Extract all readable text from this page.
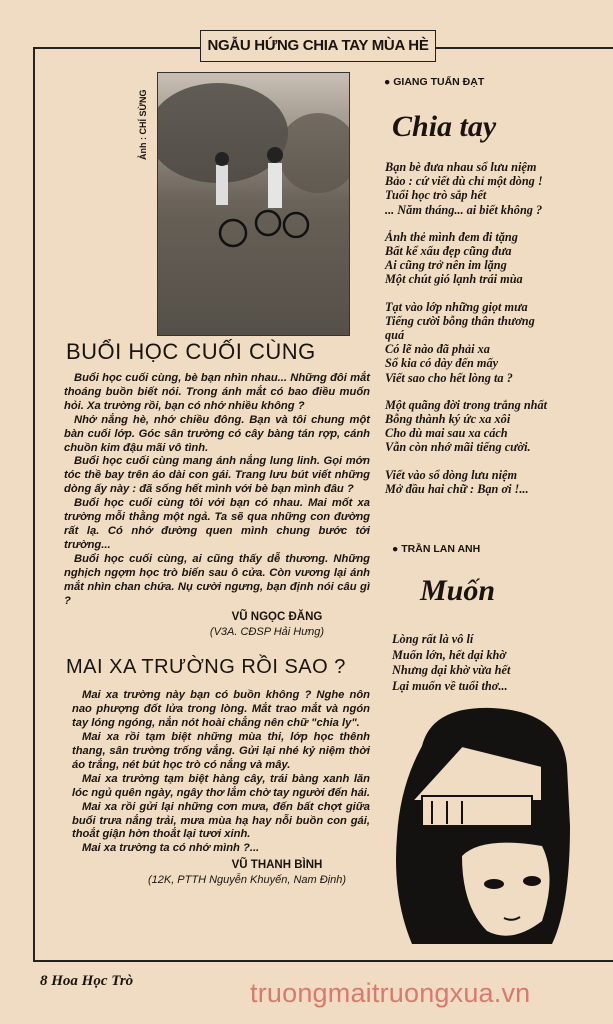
NGẪU HỨNG CHIA TAY MÙA HÈ
Ảnh : CHÍ SỪNG
BUỔI HỌC CUỐI CÙNG

Buổi học cuối cùng, bè bạn nhìn nhau... Những đôi mắt thoáng buồn biết nói. Trong ánh mắt có bao điều muốn hỏi. Xa trường rồi, bạn có nhớ nhiều không ?

Nhớ nắng hè, nhớ chiều đông. Bạn và tôi chung một bàn cuối lớp. Góc sân trường có cây bàng tán rợp, cánh chuồn kim đậu mãi vô tình.

Buổi học cuối cùng mang ánh nắng lung linh. Gọi mớn tóc thề bay trên áo dài con gái. Trang lưu bút viết những dòng ấy này : đã sống hết mình với bè bạn mình đâu ?

Buổi học cuối cùng tôi với bạn có nhau. Mai mốt xa trường mỗi thằng một ngả. Ta sẽ qua những con đường rất lạ. Có nhớ đường quen mình chung bước tới trường...

Buổi học cuối cùng, ai cũng thấy dễ thương. Những nghịch ngợm học trò biến sau ô cửa. Còn vương lại ánh mắt nhìn chan chứa. Nụ cười ngưng, bạn định nói câu gì ?

VŨ NGỌC ĐĂNG
(V3A. CĐSP Hải Hưng)
MAI XA TRƯỜNG RỒI SAO ?

Mai xa trường này bạn có buồn không ? Nghe nôn nao phượng đốt lửa trong lòng. Mắt trao mắt và ngón tay lóng ngóng, nắn nót hoài chẳng nên chữ "chia ly".

Mai xa rồi tạm biệt những mùa thi, lớp học thênh thang, sân trường trống vắng. Gửi lại nhé kỷ niệm thời áo trắng, nét bút học trò có nắng và mây.

Mai xa trường tạm biệt hàng cây, trái bàng xanh lăn lóc ngủ quên ngày, ngây thơ lắm chờ tay người đến hái.

Mai xa rồi gửi lại những cơn mưa, đến bất chợt giữa buổi trưa nắng trải, mưa mùa hạ hay nỗi buồn con gái, thoắt giận hờn thoắt lại tươi xinh.

Mai xa trường ta có nhớ mình ?...

VŨ THANH BÌNH
(12K, PTTH Nguyễn Khuyến, Nam Định)
● GIANG TUẤN ĐẠT
Chia tay
Bạn bè đưa nhau sổ lưu niệm
Bảo : cứ viết dù chỉ một dòng !
Tuổi học trò sắp hết
... Năm tháng... ai biết không ?
Ảnh thẻ mình đem đi tặng
Bất kể xấu đẹp cũng đưa
Ai cũng trở nên im lặng
Một chút gió lạnh trái mùa
Tạt vào lớp những giọt mưa
Tiếng cười bỗng thân thương
quá
Có lẽ nào đã phải xa
Sổ kia có dày đến mấy
Viết sao cho hết lòng ta ?
Một quãng đời trong trắng nhất
Bỗng thành ký ức xa xôi
Cho dù mai sau xa cách
Vẫn còn nhớ mãi tiếng cười.
Viết vào sổ dòng lưu niệm
Mở đầu hai chữ : Bạn ơi !...
● TRẦN LAN ANH
Muốn
Lòng rất là vô lí
Muốn lớn, hết dại khờ
Nhưng dại khờ vừa hết
Lại muốn về tuổi thơ...
truongmaitruongxua.vn
8 Hoa Học Trò
